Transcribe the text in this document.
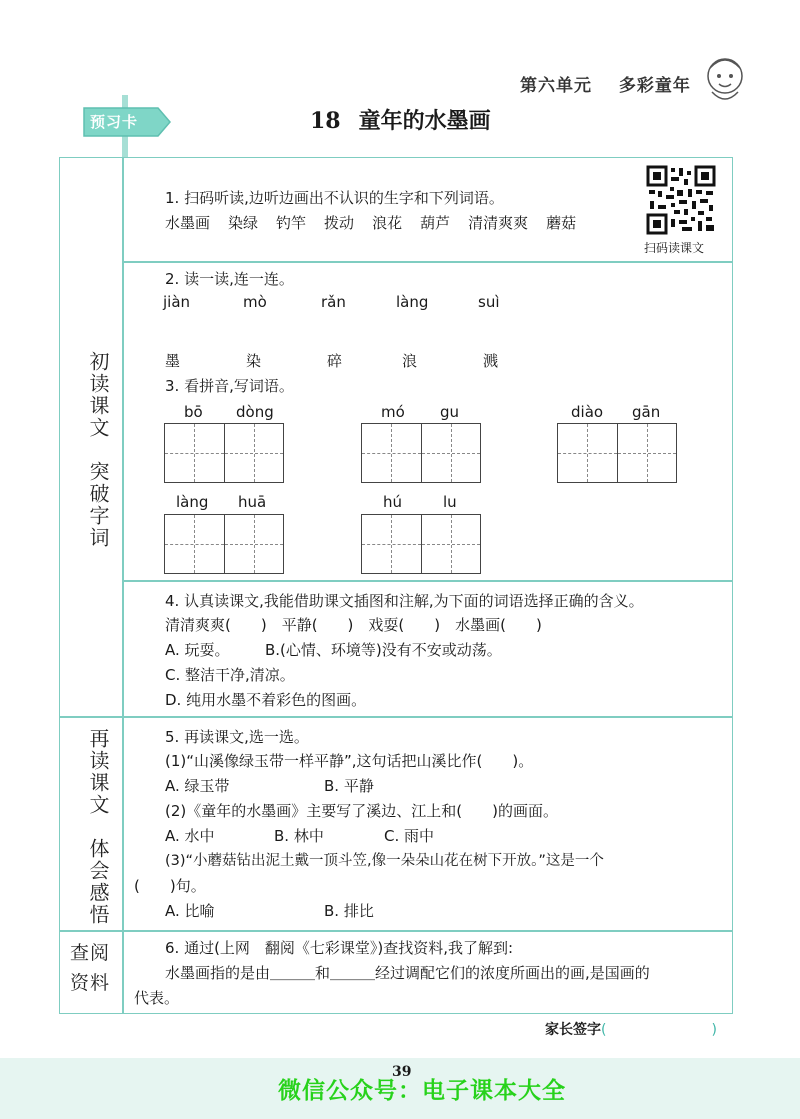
第六单元 多彩童年
预习卡	18 童年的水墨画
初读课文　突破字词
再读课文　体会感悟
查阅资料
1. 扫码听读,边听边画出不认识的生字和下列词语。
水墨画 染绿 钓竿 拨动 浪花 葫芦 清清爽爽 蘑菇
扫码读课文
2. 读一读,连一连。
jiàn	mò	rǎn	làng	suì
墨	染	碎	浪	溅
3. 看拼音,写词语。
bō dòng	mó gu	diào gān
làng huā	hú	lu
4. 认真读课文,我能借助课文插图和注解,为下面的词语选择正确的含义。
清清爽爽(　　)　平静(　　)　戏耍(　　)　水墨画(　　)
A. 玩耍。 B.(心情、环境等)没有不安或动荡。
C. 整洁干净,清凉。
D. 纯用水墨不着彩色的图画。
5. 再读课文,选一选。
(1)“山溪像绿玉带一样平静”,这句话把山溪比作(　　)。
A. 绿玉带	B. 平静
(2)《童年的水墨画》主要写了溪边、江上和(　　)的画面。
A. 水中	B. 林中	C. 雨中
(3)“小蘑菇钻出泥土戴一顶斗笠,像一朵朵山花在树下开放。”这是一个
(　　)句。
A. 比喻	B. 排比
6. 通过(上网　翻阅《七彩课堂》)查找资料,我了解到:
水墨画指的是由＿＿＿和＿＿＿经过调配它们的浓度所画出的画,是国画的
代表。
家长签字(	)
39
微信公众号：电子课本大全
